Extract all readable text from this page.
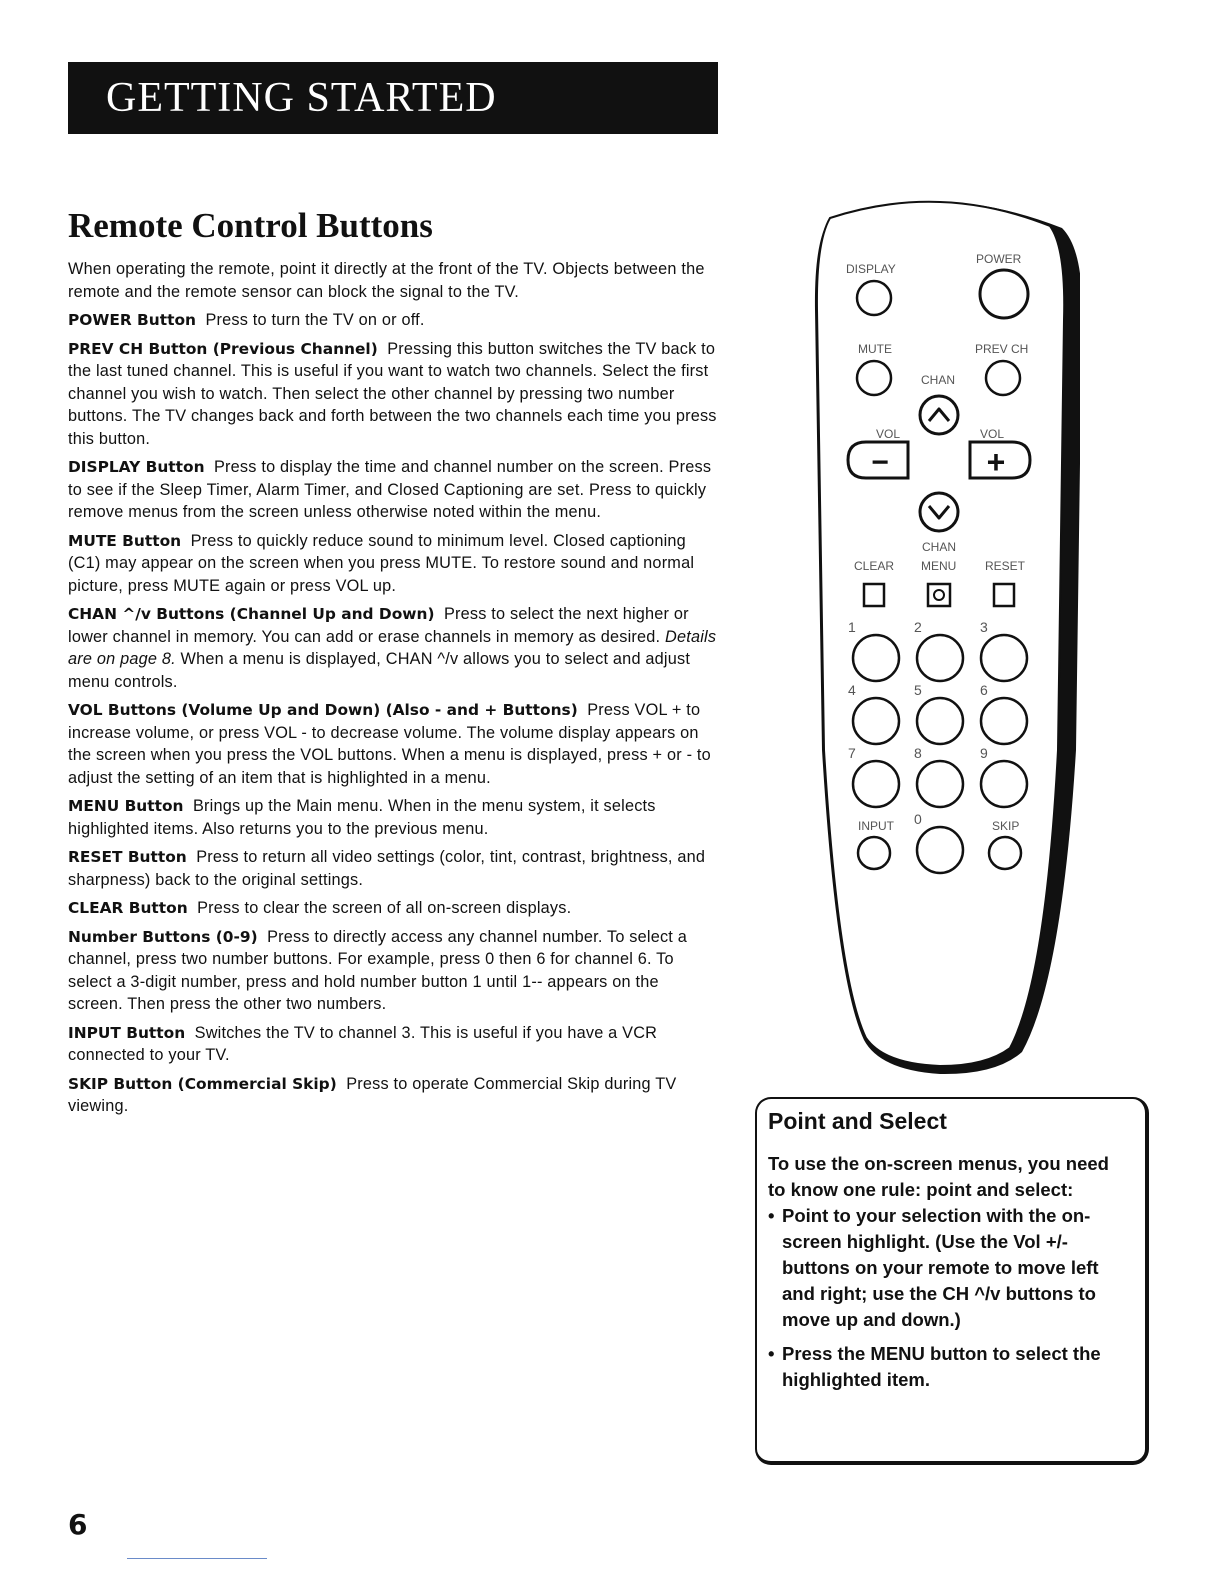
GETTING STARTED
Remote Control Buttons

When operating the remote, point it directly at the front of the TV. Objects between the remote and the remote sensor can block the signal to the TV.

POWER Button Press to turn the TV on or off.

PREV CH Button (Previous Channel) Pressing this button switches the TV back to the last tuned channel. This is useful if you want to watch two channels. Select the first channel you wish to watch. Then select the other channel by pressing two number buttons. The TV changes back and forth between the two channels each time you press this button.

DISPLAY Button Press to display the time and channel number on the screen. Press to see if the Sleep Timer, Alarm Timer, and Closed Captioning are set. Press to quickly remove menus from the screen unless otherwise noted within the menu.

MUTE Button Press to quickly reduce sound to minimum level. Closed captioning (C1) may appear on the screen when you press MUTE. To restore sound and normal picture, press MUTE again or press VOL up.

CHAN ^/v Buttons (Channel Up and Down) Press to select the next higher or lower channel in memory. You can add or erase channels in memory as desired. Details are on page 8. When a menu is displayed, CHAN ^/v allows you to select and adjust menu controls.

VOL Buttons (Volume Up and Down) (Also - and + Buttons) Press VOL + to increase volume, or press VOL - to decrease volume. The volume display appears on the screen when you press the VOL buttons. When a menu is displayed, press + or - to adjust the setting of an item that is highlighted in a menu.

MENU Button Brings up the Main menu. When in the menu system, it selects highlighted items. Also returns you to the previous menu.

RESET Button Press to return all video settings (color, tint, contrast, brightness, and sharpness) back to the original settings.

CLEAR Button Press to clear the screen of all on-screen displays.

Number Buttons (0-9) Press to directly access any channel number. To select a channel, press two number buttons. For example, press 0 then 6 for channel 6. To select a 3-digit number, press and hold number button 1 until 1-- appears on the screen. Then press the other two numbers.

INPUT Button Switches the TV to channel 3. This is useful if you have a VCR connected to your TV.

SKIP Button (Commercial Skip) Press to operate Commercial Skip during TV viewing.

DISPLAY
POWER
MUTE	PREV CH
CHAN
VOL	VOL
−	+
CHAN
CLEAR MENU RESET
1	2	3
4	5	6
7	8	9
INPUT 0	SKIP
Point and Select

To use the on-screen menus, you need to know one rule: point and select:

• Point to your selection with the on-screen highlight. (Use the Vol +/- buttons on your remote to move left and right; use the CH ^/v buttons to move up and down.)
• Press the MENU button to select the highlighted item.
6
